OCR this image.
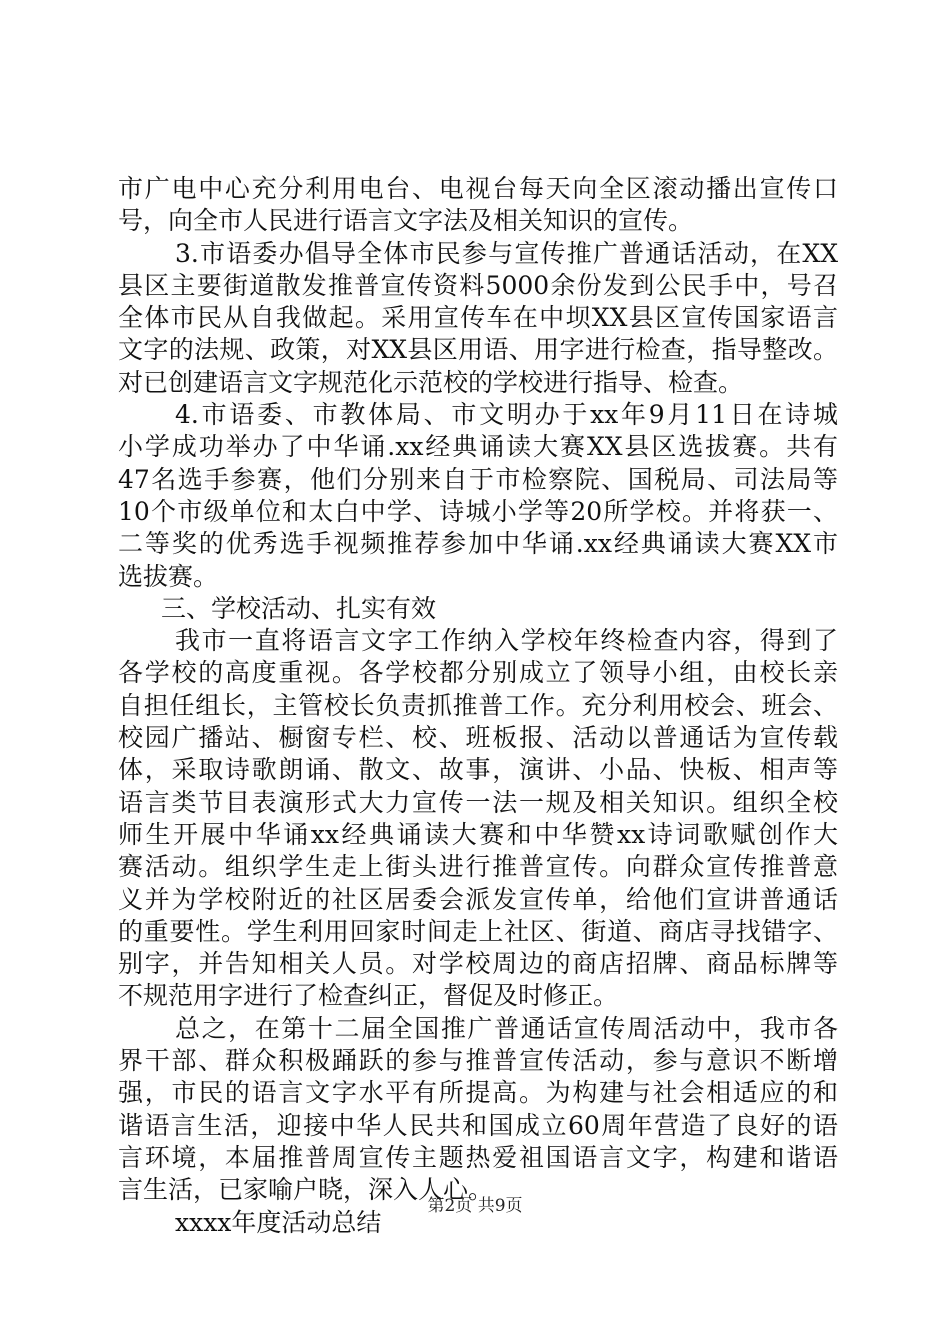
市广电中心充分利用电台、电视台每天向全区滚动播出宣传口
号，向全市人民进行语言文字法及相关知识的宣传。
3.市语委办倡导全体市民参与宣传推广普通话活动，在XX
县区主要街道散发推普宣传资料5000余份发到公民手中，号召
全体市民从自我做起。采用宣传车在中坝XX县区宣传国家语言
文字的法规、政策，对XX县区用语、用字进行检查，指导整改。
对已创建语言文字规范化示范校的学校进行指导、检查。
4.市语委、市教体局、市文明办于xx年9月11日在诗城
小学成功举办了中华诵.xx经典诵读大赛XX县区选拔赛。共有
47名选手参赛，他们分别来自于市检察院、国税局、司法局等
10个市级单位和太白中学、诗城小学等20所学校。并将获一、
二等奖的优秀选手视频推荐参加中华诵.xx经典诵读大赛XX市
选拔赛。
三、学校活动、扎实有效
我市一直将语言文字工作纳入学校年终检查内容，得到了
各学校的高度重视。各学校都分别成立了领导小组，由校长亲
自担任组长，主管校长负责抓推普工作。充分利用校会、班会、
校园广播站、橱窗专栏、校、班板报、活动以普通话为宣传载
体，采取诗歌朗诵、散文、故事，演讲、小品、快板、相声等
语言类节目表演形式大力宣传一法一规及相关知识。组织全校
师生开展中华诵xx经典诵读大赛和中华赞xx诗词歌赋创作大
赛活动。组织学生走上街头进行推普宣传。向群众宣传推普意
义并为学校附近的社区居委会派发宣传单，给他们宣讲普通话
的重要性。学生利用回家时间走上社区、街道、商店寻找错字、
别字，并告知相关人员。对学校周边的商店招牌、商品标牌等
不规范用字进行了检查纠正，督促及时修正。
总之，在第十二届全国推广普通话宣传周活动中，我市各
界干部、群众积极踊跃的参与推普宣传活动，参与意识不断增
强，市民的语言文字水平有所提高。为构建与社会相适应的和
谐语言生活，迎接中华人民共和国成立60周年营造了良好的语
言环境，本届推普周宣传主题热爱祖国语言文字，构建和谐语
言生活，已家喻户晓，深入人心。
xxxx年度活动总结
第2页 共9页
